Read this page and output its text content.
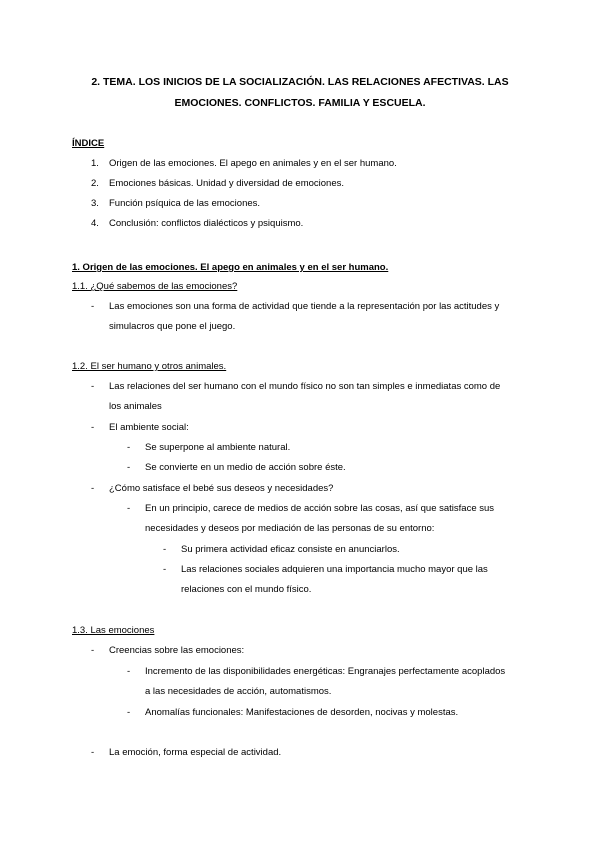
2. TEMA. LOS INICIOS DE LA SOCIALIZACIÓN. LAS RELACIONES AFECTIVAS. LAS
EMOCIONES. CONFLICTOS. FAMILIA Y ESCUELA.
ÍNDICE
1. Origen de las emociones. El apego en animales y en el ser humano.
2. Emociones básicas. Unidad y diversidad de emociones.
3. Función psíquica de las emociones.
4. Conclusión: conflictos dialécticos y psiquismo.
1. Origen de las emociones. El apego en animales y en el ser humano.
1.1. ¿Qué sabemos de las emociones?
- Las emociones son una forma de actividad que tiende a la representación por las actitudes y
simulacros que pone el juego.
1.2. El ser humano y otros animales.
- Las relaciones del ser humano con el mundo físico no son tan simples e inmediatas como de
los animales
- El ambiente social:
- Se superpone al ambiente natural.
- Se convierte en un medio de acción sobre éste.
- ¿Cómo satisface el bebé sus deseos y necesidades?
- En un principio, carece de medios de acción sobre las cosas, así que satisface sus
necesidades y deseos por mediación de las personas de su entorno:
- Su primera actividad eficaz consiste en anunciarlos.
- Las relaciones sociales adquieren una importancia mucho mayor que las
relaciones con el mundo físico.
1.3. Las emociones
- Creencias sobre las emociones:
- Incremento de las disponibilidades energéticas: Engranajes perfectamente acoplados
a las necesidades de acción, automatismos.
- Anomalías funcionales: Manifestaciones de desorden, nocivas y molestas.
- La emoción, forma especial de actividad.
